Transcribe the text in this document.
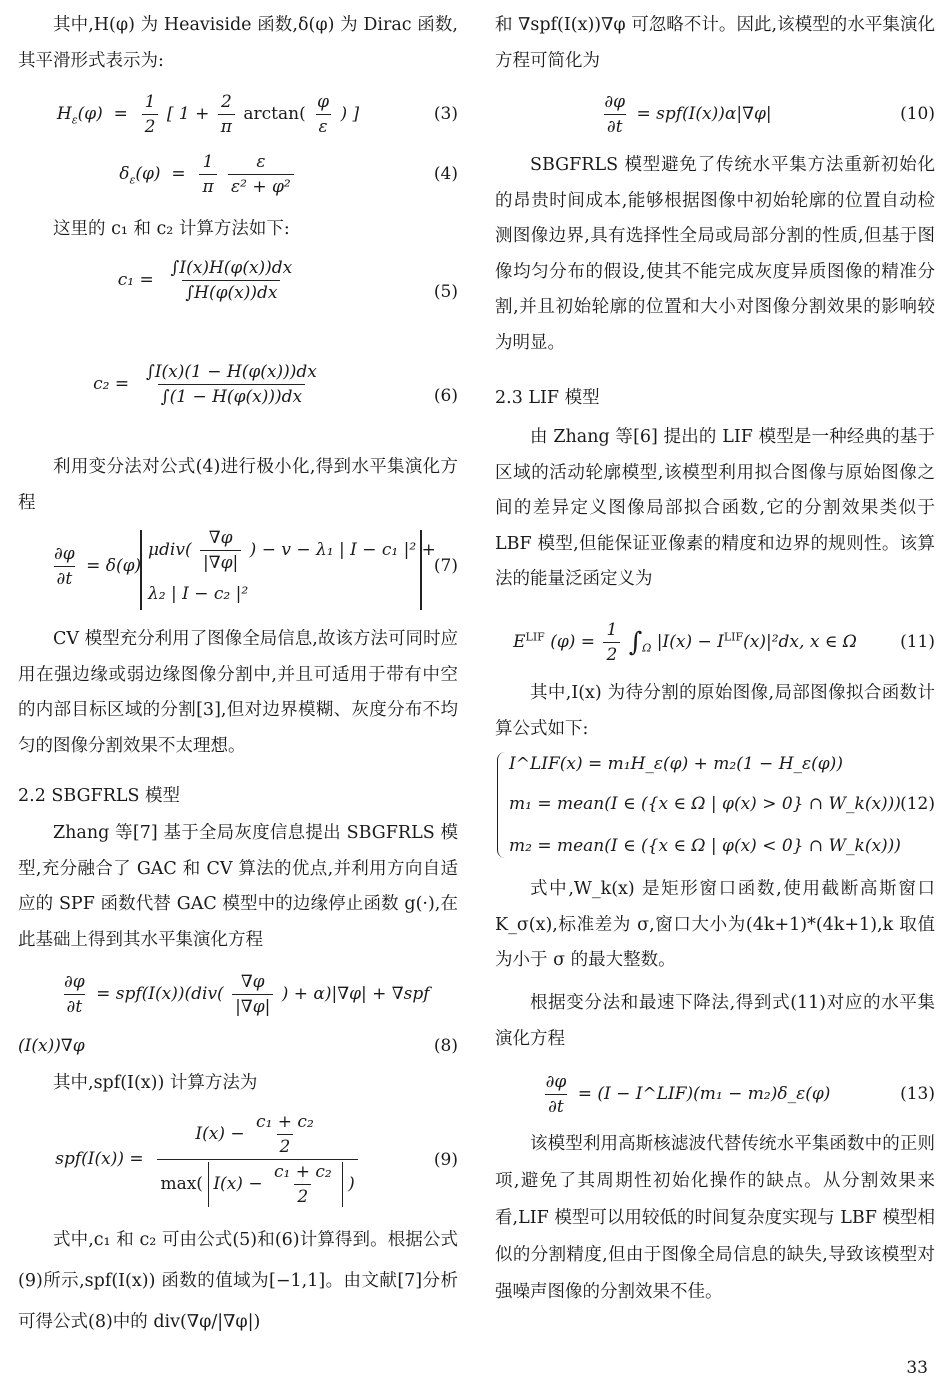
其中,H(φ) 为 Heaviside 函数,δ(φ) 为 Dirac 函数,其平滑形式表示为:

$H_\varepsilon(\varphi) = \frac{1}{2}$ [ $1 + \frac{2}{\pi} \arctan( \frac{\varphi}{\varepsilon}$ ) ]	(3)
$\delta_\varepsilon(\varphi) = \frac{1}{\pi}$
$\frac{\varepsilon}{\text{ε² + φ²}}$	(4)

这里的 c₁ 和 c₂ 计算方法如下:

$c_1 = \frac{\int I(x)H(\varphi(x))dx}{\int H(\varphi(x))dx}$	(5)
$c_2 = \frac{\int I(x)(1 - H(\varphi(x)))dx}{\int(1 - H(\varphi(x)))dx}$	(6)

利用变分法对公式(4)进行极小化,得到水平集演化方程

$\frac{\partial\varphi}{\partial t} = \delta(\varphi)$
$\mu div( \frac{\nabla\varphi}{|\nabla\varphi|}$ ) − v − λ₁ | I − c₁ |² +
λ₂ | I − c₂ |²
(7)

CV 模型充分利用了图像全局信息,故该方法可同时应用在强边缘或弱边缘图像分割中,并且可适用于带有中空的内部目标区域的分割[3],但对边界模糊、灰度分布不均匀的图像分割效果不太理想。

2.2 SBGFRLS 模型

Zhang 等[7] 基于全局灰度信息提出 SBGFRLS 模型,充分融合了 GAC 和 CV 算法的优点,并利用方向自适应的 SPF 函数代替 GAC 模型中的边缘停止函数 g(·),在此基础上得到其水平集演化方程

$\frac{\partial\varphi}{\partial t} = spf(I(x))(div( \frac{\nabla\varphi}{|\nabla\varphi|}$ ) + α)|∇φ| + ∇spf
(I(x))∇φ	(8)

其中,spf(I(x)) 计算方法为

spf(I(x)) =
$I(x) - \frac{\text{c₁ + c₂}}{2}$
max( $I(x) - \frac{\text{c₁ + c₂}}{2}$ )
(9)

式中,c₁ 和 c₂ 可由公式(5)和(6)计算得到。根据公式(9)所示,spf(I(x)) 函数的值域为[−1,1]。由文献[7]分析可得公式(8)中的 div(∇φ/|∇φ|)

和 ∇spf(I(x))∇φ 可忽略不计。因此,该模型的水平集演化方程可简化为

$\frac{\partial\varphi}{\partial t} = spf(I(x))\alpha|\nabla\varphi|$	(10)

SBGFRLS 模型避免了传统水平集方法重新初始化的昂贵时间成本,能够根据图像中初始轮廓的位置自动检测图像边界,具有选择性全局或局部分割的性质,但基于图像均匀分布的假设,使其不能完成灰度异质图像的精准分割,并且初始轮廓的位置和大小对图像分割效果的影响较为明显。

2.3 LIF 模型

由 Zhang 等[6] 提出的 LIF 模型是一种经典的基于区域的活动轮廓模型,该模型利用拟合图像与原始图像之间的差异定义图像局部拟合函数,它的分割效果类似于 LBF 模型,但能保证亚像素的精度和边界的规则性。该算法的能量泛函定义为

$E^{LIF}$ $(\varphi) = \frac{1}{2} \int_\Omega$ $|I(x) - I^{LIF}(x)|^2dx$, x ∈ Ω	(11)

其中,I(x) 为待分割的原始图像,局部图像拟合函数计算公式如下:

I^LIF(x) = m₁H_ε(φ) + m₂(1 − H_ε(φ))
m₁ = mean(I ∈ ({x ∈ Ω | φ(x) > 0} ∩ W_k(x)))
m₂ = mean(I ∈ ({x ∈ Ω | φ(x) < 0} ∩ W_k(x)))
(12)

式中,W_k(x) 是矩形窗口函数,使用截断高斯窗口 K_σ(x),标准差为 σ,窗口大小为(4k+1)*(4k+1),k 取值为小于 σ 的最大整数。

根据变分法和最速下降法,得到式(11)对应的水平集演化方程

$\frac{\partial\varphi}{\partial t} = (I$ − I^LIF)(m₁ − m₂)δ_ε(φ)	(13)

该模型利用高斯核滤波代替传统水平集函数中的正则项,避免了其周期性初始化操作的缺点。从分割效果来看,LIF 模型可以用较低的时间复杂度实现与 LBF 模型相似的分割精度,但由于图像全局信息的缺失,导致该模型对强噪声图像的分割效果不佳。

33
